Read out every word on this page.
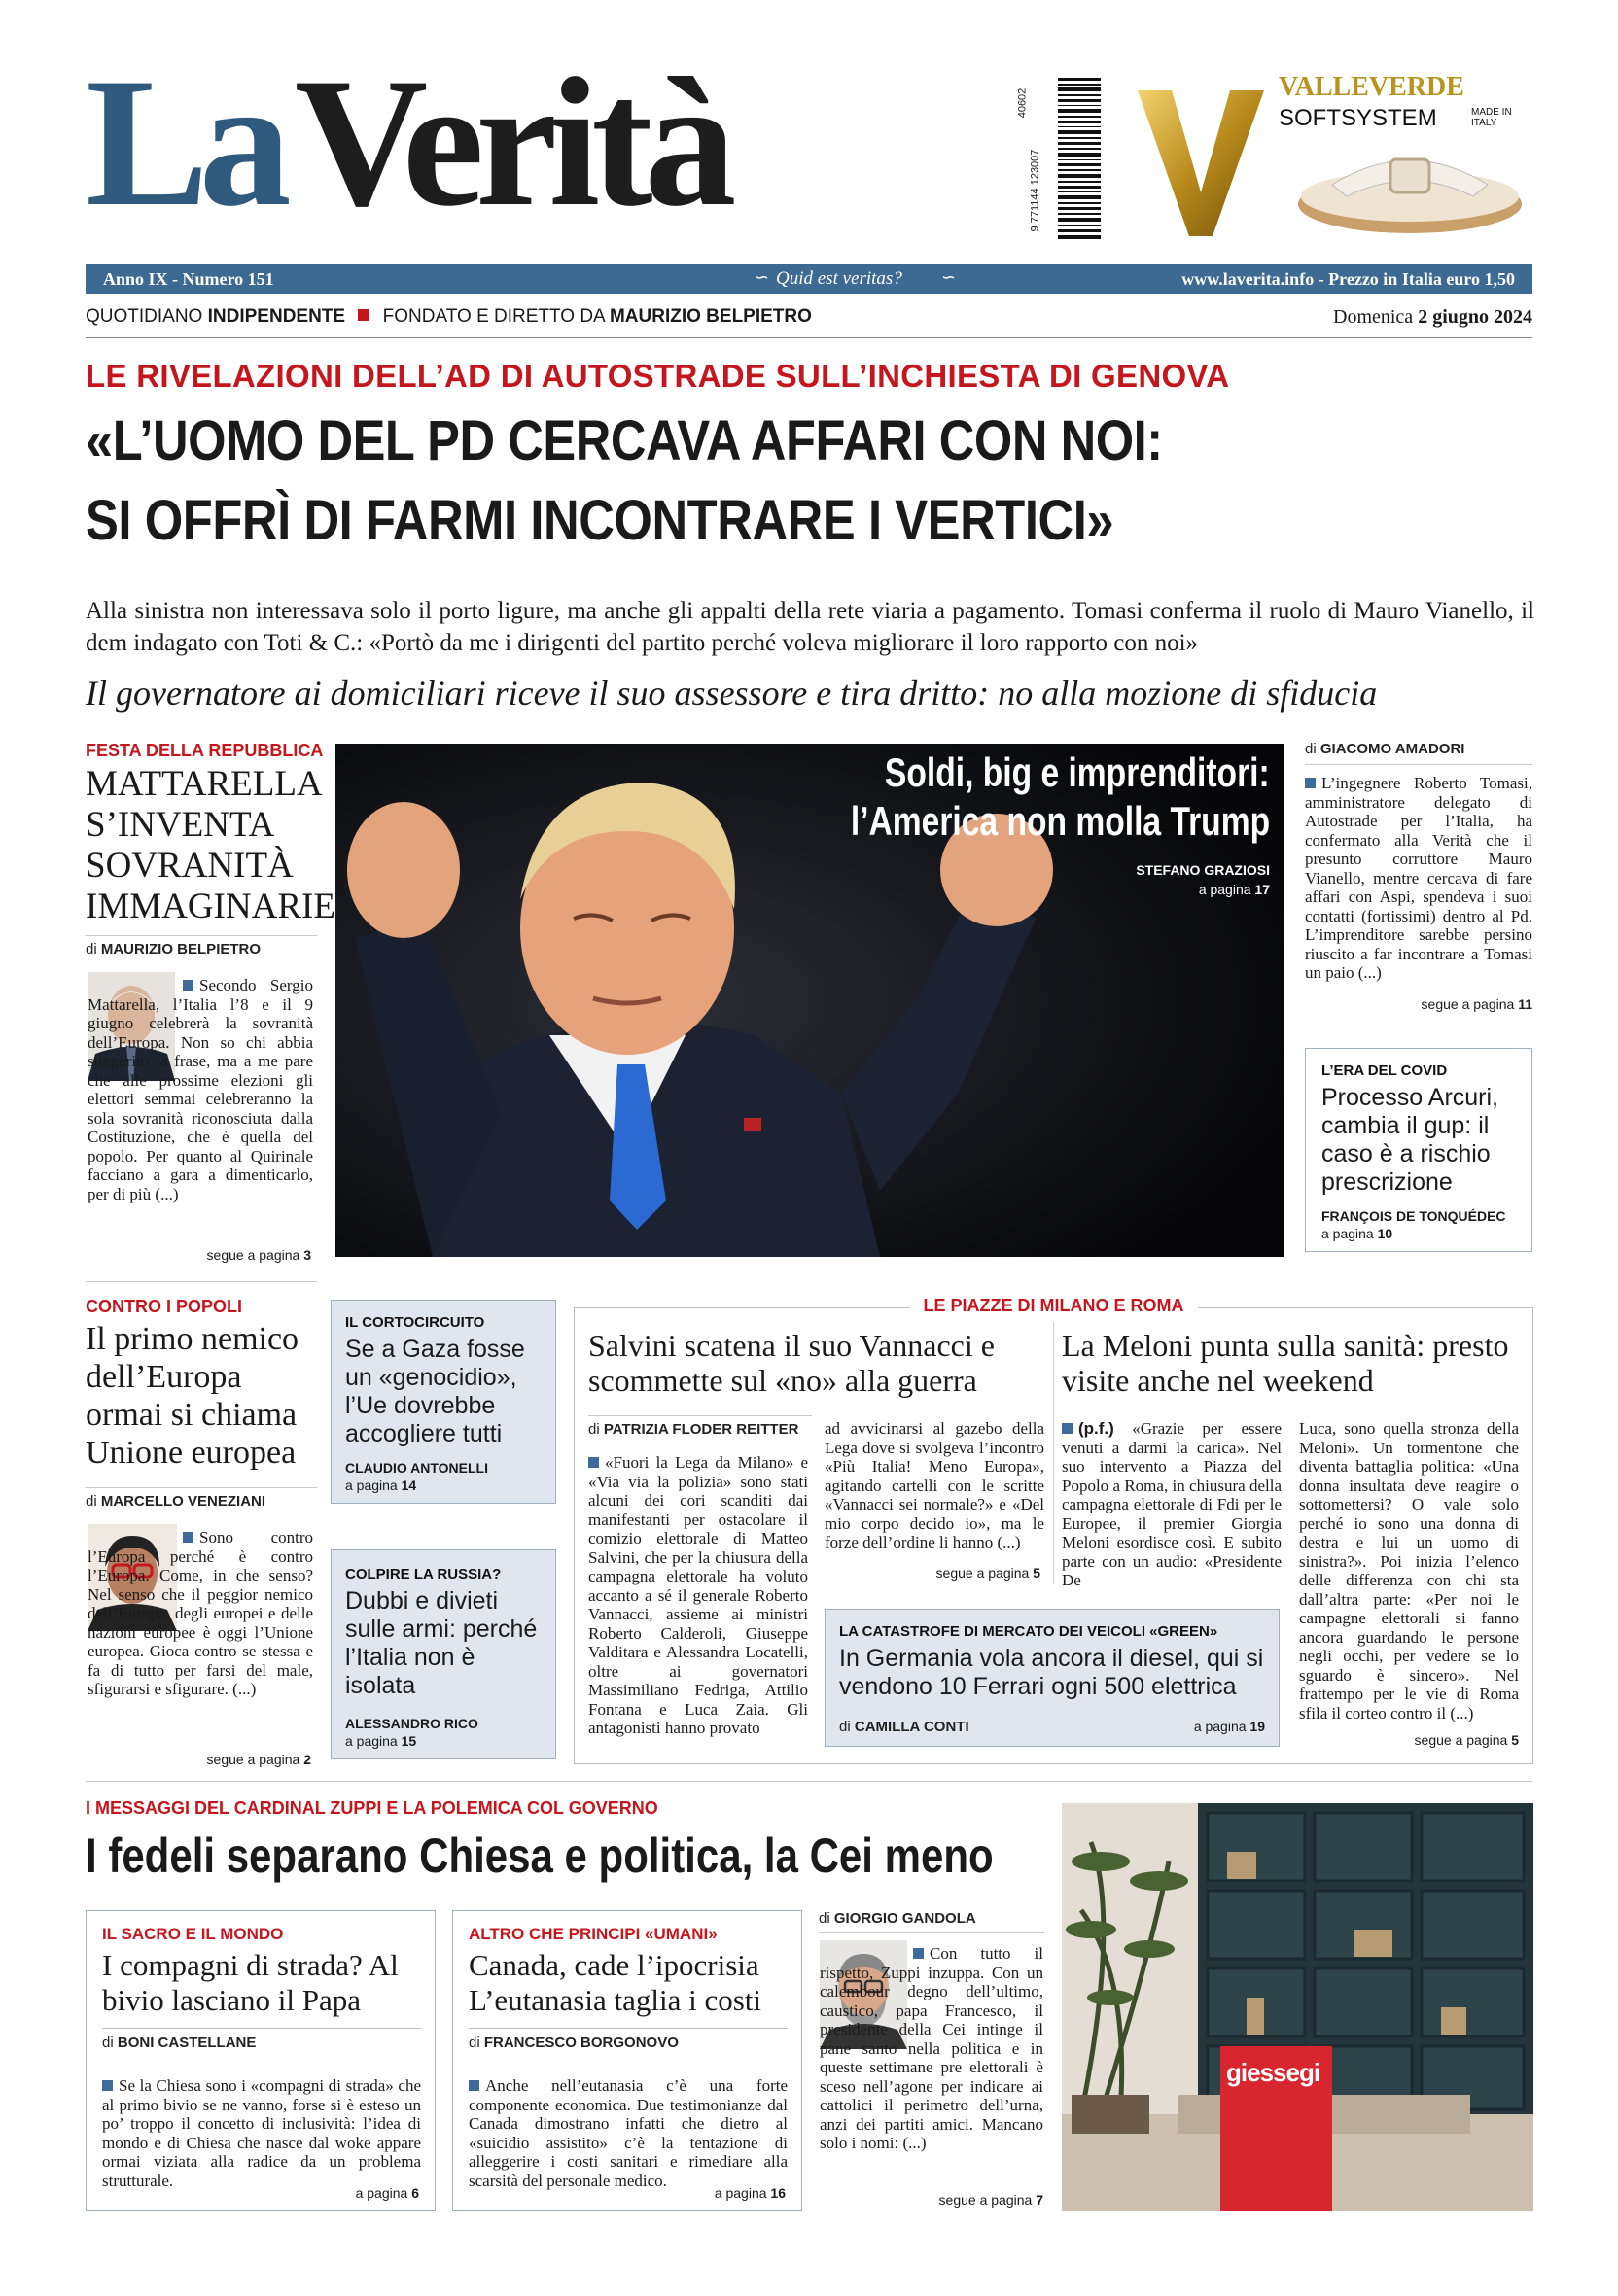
La Verità	40602
9 771144 123007
VALLEVERDE
SOFTSYSTEM	MADE IN ITALY
Anno IX - Numero 151	∽ Quid est veritas? ∽	www.laverita.info - Prezzo in Italia euro 1,50
QUOTIDIANO INDIPENDENTE FONDATO E DIRETTO DA MAURIZIO BELPIETRO	Domenica 2 giugno 2024
LE RIVELAZIONI DELL’AD DI AUTOSTRADE SULL’INCHIESTA DI GENOVA
«L’UOMO DEL PD CERCAVA AFFARI CON NOI:
SI OFFRÌ DI FARMI INCONTRARE I VERTICI»
Alla sinistra non interessava solo il porto ligure, ma anche gli appalti della rete viaria a pagamento. Tomasi conferma il ruolo di Mauro Vianello, il dem indagato con Toti & C.: «Portò da me i dirigenti del partito perché voleva migliorare il loro rapporto con noi»
Il governatore ai domiciliari riceve il suo assessore e tira dritto: no alla mozione di sfiducia
FESTA DELLA REPUBBLICA
MATTARELLA S’INVENTA SOVRANITÀ IMMAGINARIE
di MAURIZIO BELPIETRO
Secondo Sergio Mattarella, l’Italia l’8 e il 9 giugno celebrerà la sovranità dell’Europa. Non so chi abbia suggerito la frase, ma a me pare che alle prossime elezioni gli elettori semmai celebreranno la sola sovranità riconosciuta dalla Costituzione, che è quella del popolo. Per quanto al Quirinale facciano a gara a dimenticarlo, per di più (...)
segue a pagina 3
Soldi, big e imprenditori:
l’America non molla Trump
STEFANO GRAZIOSI
a pagina 17
di GIACOMO AMADORI
L’ingegnere Roberto Tomasi, amministratore delegato di Autostrade per l’Italia, ha confermato alla Verità che il presunto corruttore Mauro Vianello, mentre cercava di fare affari con Aspi, spendeva i suoi contatti (fortissimi) dentro al Pd. L’imprenditore sarebbe persino riuscito a far incontrare a Tomasi un paio (...)
segue a pagina 11
L’ERA DEL COVID
Processo Arcuri, cambia il gup: il caso è a rischio prescrizione
FRANÇOIS DE TONQUÉDEC
a pagina 10
CONTRO I POPOLI
Il primo nemico dell’Europa ormai si chiama Unione europea
di MARCELLO VENEZIANI
Sono contro l’Europa perché è contro l’Europa. Come, in che senso? Nel senso che il peggior nemico dell’Europa, degli europei e delle nazioni europee è oggi l’Unione europea. Gioca contro se stessa e fa di tutto per farsi del male, sfigurarsi e sfigurare. (...)
segue a pagina 2
IL CORTOCIRCUITO
Se a Gaza fosse un «genocidio», l’Ue dovrebbe accogliere tutti
CLAUDIO ANTONELLI
a pagina 14
COLPIRE LA RUSSIA?
Dubbi e divieti sulle armi: perché l’Italia non è isolata
ALESSANDRO RICO
a pagina 15
LE PIAZZE DI MILANO E ROMA
Salvini scatena il suo Vannacci e scommette sul «no» alla guerra
di PATRIZIA FLODER REITTER
«Fuori la Lega da Milano» e «Via via la polizia» sono stati alcuni dei cori scanditi dai manifestanti per ostacolare il comizio elettorale di Matteo Salvini, che per la chiusura della campagna elettorale ha voluto accanto a sé il generale Roberto Vannacci, assieme ai ministri Roberto Calderoli, Giuseppe Valditara e Alessandra Locatelli, oltre ai governatori Massimiliano Fedriga, Attilio Fontana e Luca Zaia. Gli antagonisti hanno provato
ad avvicinarsi al gazebo della Lega dove si svolgeva l’incontro «Più Italia! Meno Europa», agitando cartelli con le scritte «Vannacci sei normale?» e «Del mio corpo decido io», ma le forze dell’ordine li hanno (...)
segue a pagina 5
La Meloni punta sulla sanità: presto visite anche nel weekend
(p.f.) «Grazie per essere venuti a darmi la carica». Nel suo intervento a Piazza del Popolo a Roma, in chiusura della campagna elettorale di Fdi per le Europee, il premier Giorgia Meloni esordisce così. E subito parte con un audio: «Presidente De
Luca, sono quella stronza della Meloni». Un tormentone che diventa battaglia politica: «Una donna insultata deve reagire o sottomettersi? O vale solo perché io sono una donna di destra e lui un uomo di sinistra?». Poi inizia l’elenco delle differenza con chi sta dall’altra parte: «Per noi le campagne elettorali si fanno ancora guardando le persone negli occhi, per vedere se lo sguardo è sincero». Nel frattempo per le vie di Roma sfila il corteo contro il (...)
segue a pagina 5
LA CATASTROFE DI MERCATO DEI VEICOLI «GREEN»
In Germania vola ancora il diesel, qui si vendono 10 Ferrari ogni 500 elettrica
di CAMILLA CONTI	a pagina 19
I MESSAGGI DEL CARDINAL ZUPPI E LA POLEMICA COL GOVERNO
I fedeli separano Chiesa e politica, la Cei meno
IL SACRO E IL MONDO
I compagni di strada? Al bivio lasciano il Papa
di BONI CASTELLANE
Se la Chiesa sono i «compagni di strada» che al primo bivio se ne vanno, forse si è esteso un po’ troppo il concetto di inclusività: l’idea di mondo e di Chiesa che nasce dal woke appare ormai viziata alla radice da un problema strutturale.
a pagina 6
ALTRO CHE PRINCIPI «UMANI»
Canada, cade l’ipocrisia L’eutanasia taglia i costi
di FRANCESCO BORGONOVO
Anche nell’eutanasia c’è una forte componente economica. Due testimonianze dal Canada dimostrano infatti che dietro al «suicidio assistito» c’è la tentazione di alleggerire i costi sanitari e rimediare alla scarsità del personale medico.
a pagina 16
di GIORGIO GANDOLA
Con tutto il rispetto, Zuppi inzuppa. Con un calembour degno dell’ultimo, caustico, papa Francesco, il presidente della Cei intinge il pane santo nella politica e in queste settimane pre elettorali è sceso nell’agone per indicare ai cattolici il perimetro dell’urna, anzi dei partiti amici. Mancano solo i nomi: (...)
segue a pagina 7
giessegi
